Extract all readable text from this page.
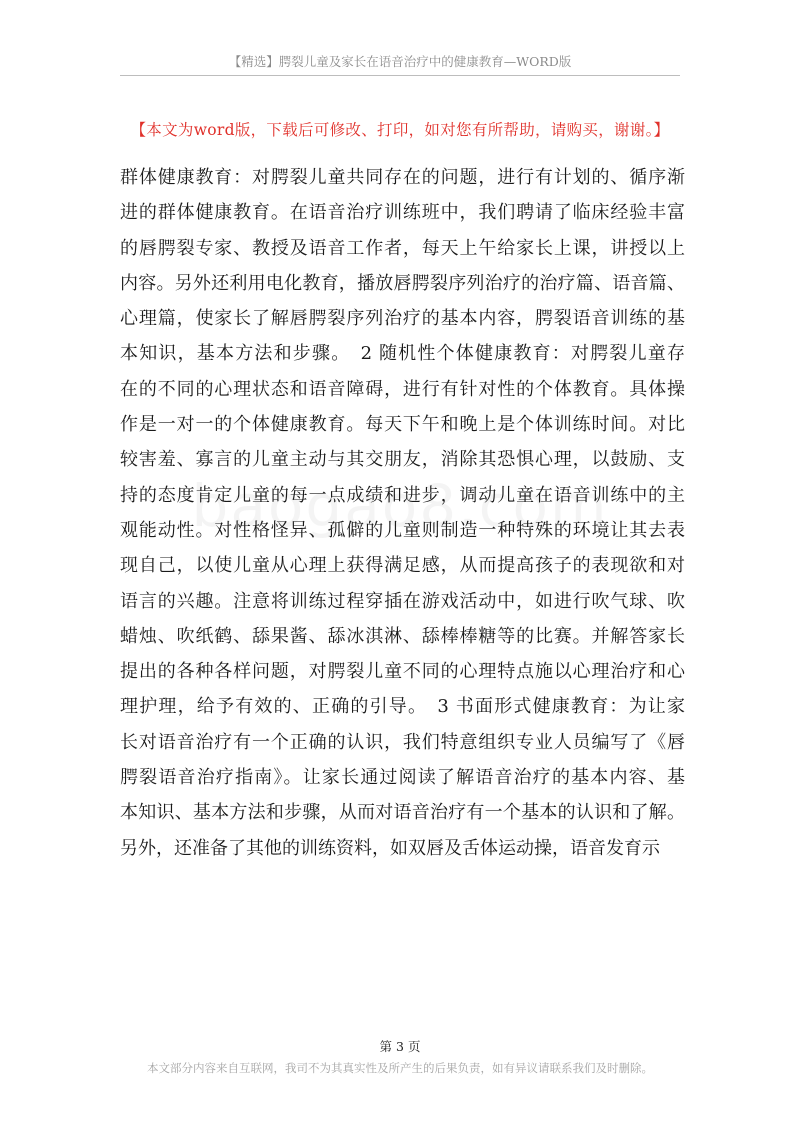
【精选】腭裂儿童及家长在语音治疗中的健康教育—WORD版
【本文为word版，下载后可修改、打印，如对您有所帮助，请购买，谢谢。】
群体健康教育：对腭裂儿童共同存在的问题，进行有计划的、循序渐
进的群体健康教育。在语音治疗训练班中，我们聘请了临床经验丰富
的唇腭裂专家、教授及语音工作者，每天上午给家长上课，讲授以上
内容。另外还利用电化教育，播放唇腭裂序列治疗的治疗篇、语音篇、
心理篇，使家长了解唇腭裂序列治疗的基本内容，腭裂语音训练的基
本知识，基本方法和步骤。　2 随机性个体健康教育：对腭裂儿童存
在的不同的心理状态和语音障碍，进行有针对性的个体教育。具体操
作是一对一的个体健康教育。每天下午和晚上是个体训练时间。对比
较害羞、寡言的儿童主动与其交朋友，消除其恐惧心理，以鼓励、支
持的态度肯定儿童的每一点成绩和进步，调动儿童在语音训练中的主
观能动性。对性格怪异、孤僻的儿童则制造一种特殊的环境让其去表
现自己，以使儿童从心理上获得满足感，从而提高孩子的表现欲和对
语言的兴趣。注意将训练过程穿插在游戏活动中，如进行吹气球、吹
蜡烛、吹纸鹤、舔果酱、舔冰淇淋、舔棒棒糖等的比赛。并解答家长
提出的各种各样问题，对腭裂儿童不同的心理特点施以心理治疗和心
理护理，给予有效的、正确的引导。　3 书面形式健康教育：为让家
长对语音治疗有一个正确的认识，我们特意组织专业人员编写了《唇
腭裂语音治疗指南》。让家长通过阅读了解语音治疗的基本内容、基
本知识、基本方法和步骤，从而对语音治疗有一个基本的认识和了解。
另外，还准备了其他的训练资料，如双唇及舌体运动操，语音发育示
第 3 页
本文部分内容来自互联网，我司不为其真实性及所产生的后果负责，如有异议请联系我们及时删除。
